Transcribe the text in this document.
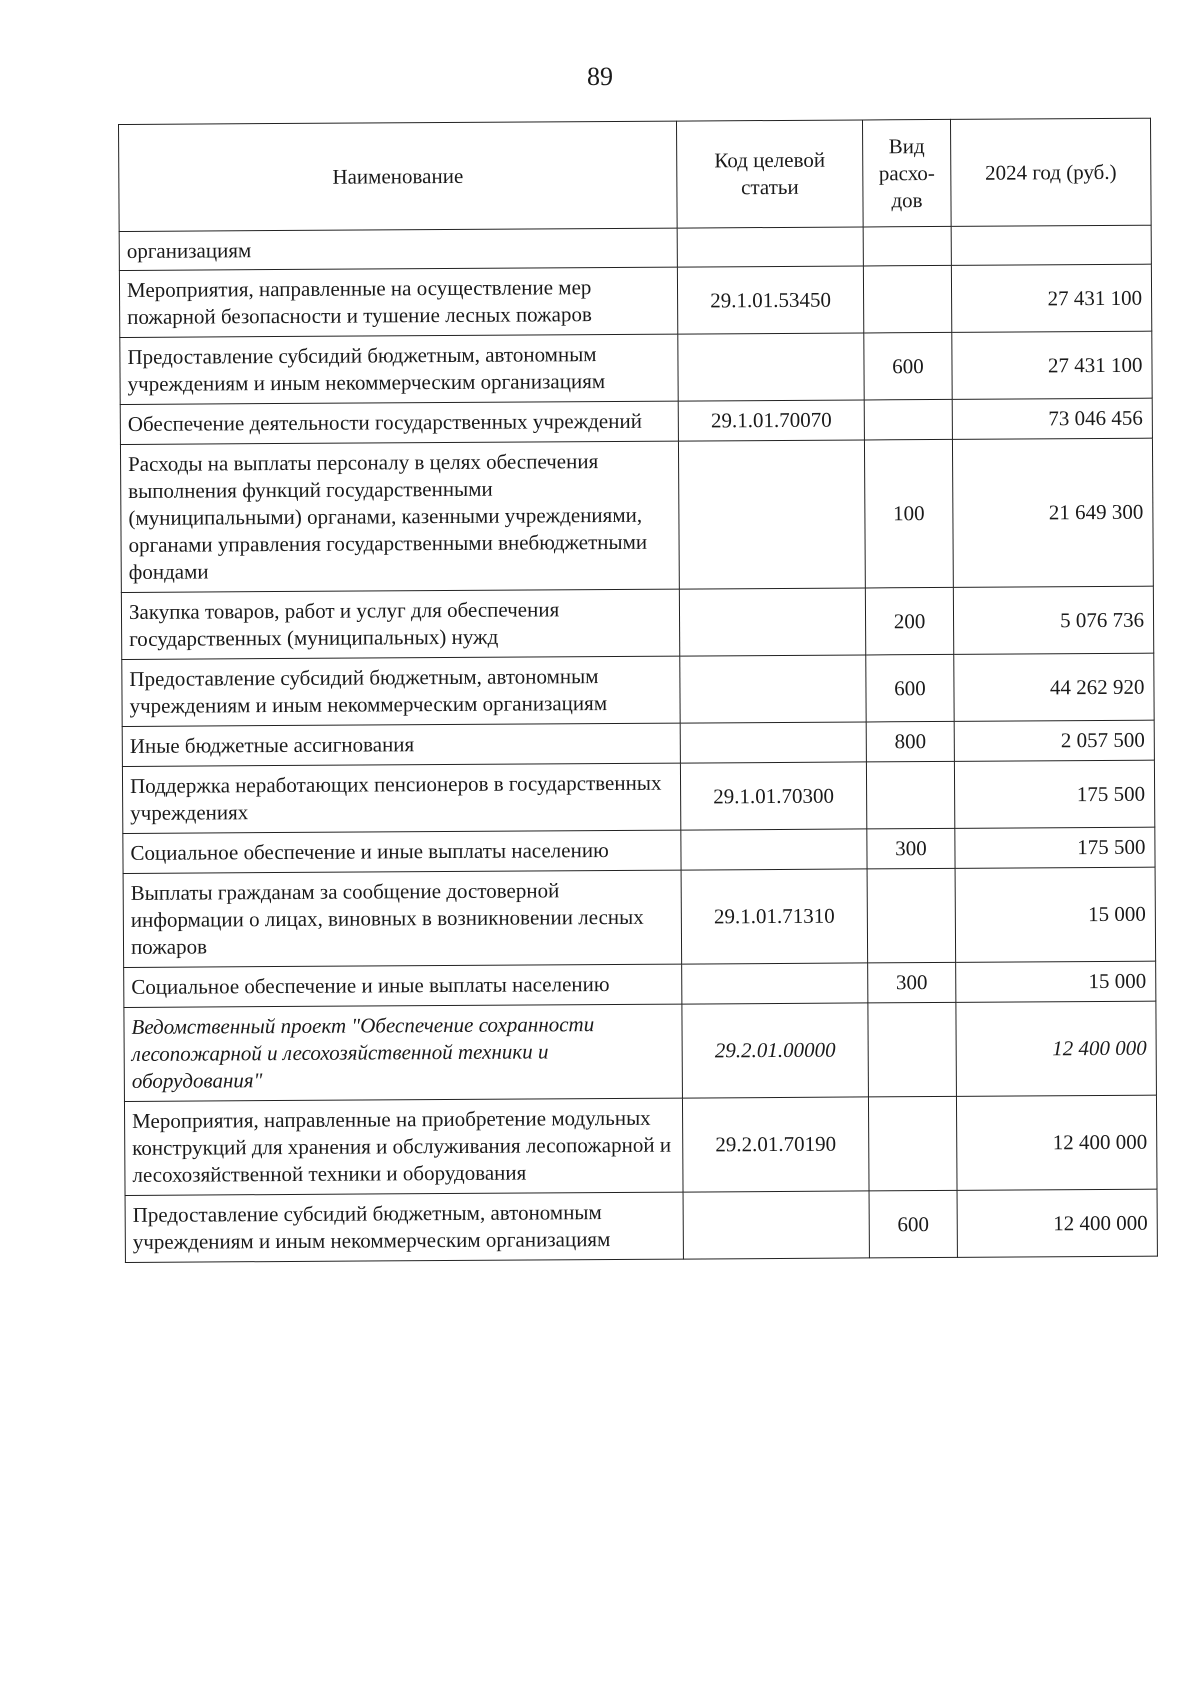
89
Наименование	Код целевой статьи	Вид расхо-дов	2024 год (руб.)
организациям			
Мероприятия, направленные на осуществление мер пожарной безопасности и тушение лесных пожаров	29.1.01.53450		27 431 100
Предоставление субсидий бюджетным, автономным учреждениям и иным некоммерческим организациям		600	27 431 100
Обеспечение деятельности государственных учреждений	29.1.01.70070		73 046 456
Расходы на выплаты персоналу в целях обеспечения выполнения функций государственными (муниципальными) органами, казенными учреждениями, органами управления государственными внебюджетными фондами		100	21 649 300
Закупка товаров, работ и услуг для обеспечения государственных (муниципальных) нужд		200	5 076 736
Предоставление субсидий бюджетным, автономным учреждениям и иным некоммерческим организациям		600	44 262 920
Иные бюджетные ассигнования		800	2 057 500
Поддержка неработающих пенсионеров в государственных учреждениях	29.1.01.70300		175 500
Социальное обеспечение и иные выплаты населению		300	175 500
Выплаты гражданам за сообщение достоверной информации о лицах, виновных в возникновении лесных пожаров	29.1.01.71310		15 000
Социальное обеспечение и иные выплаты населению		300	15 000
Ведомственный проект "Обеспечение сохранности лесопожарной и лесохозяйственной техники и оборудования"	29.2.01.00000		12 400 000
Мероприятия, направленные на приобретение модульных конструкций для хранения и обслуживания лесопожарной и лесохозяйственной техники и оборудования	29.2.01.70190		12 400 000
Предоставление субсидий бюджетным, автономным учреждениям и иным некоммерческим организациям		600	12 400 000
